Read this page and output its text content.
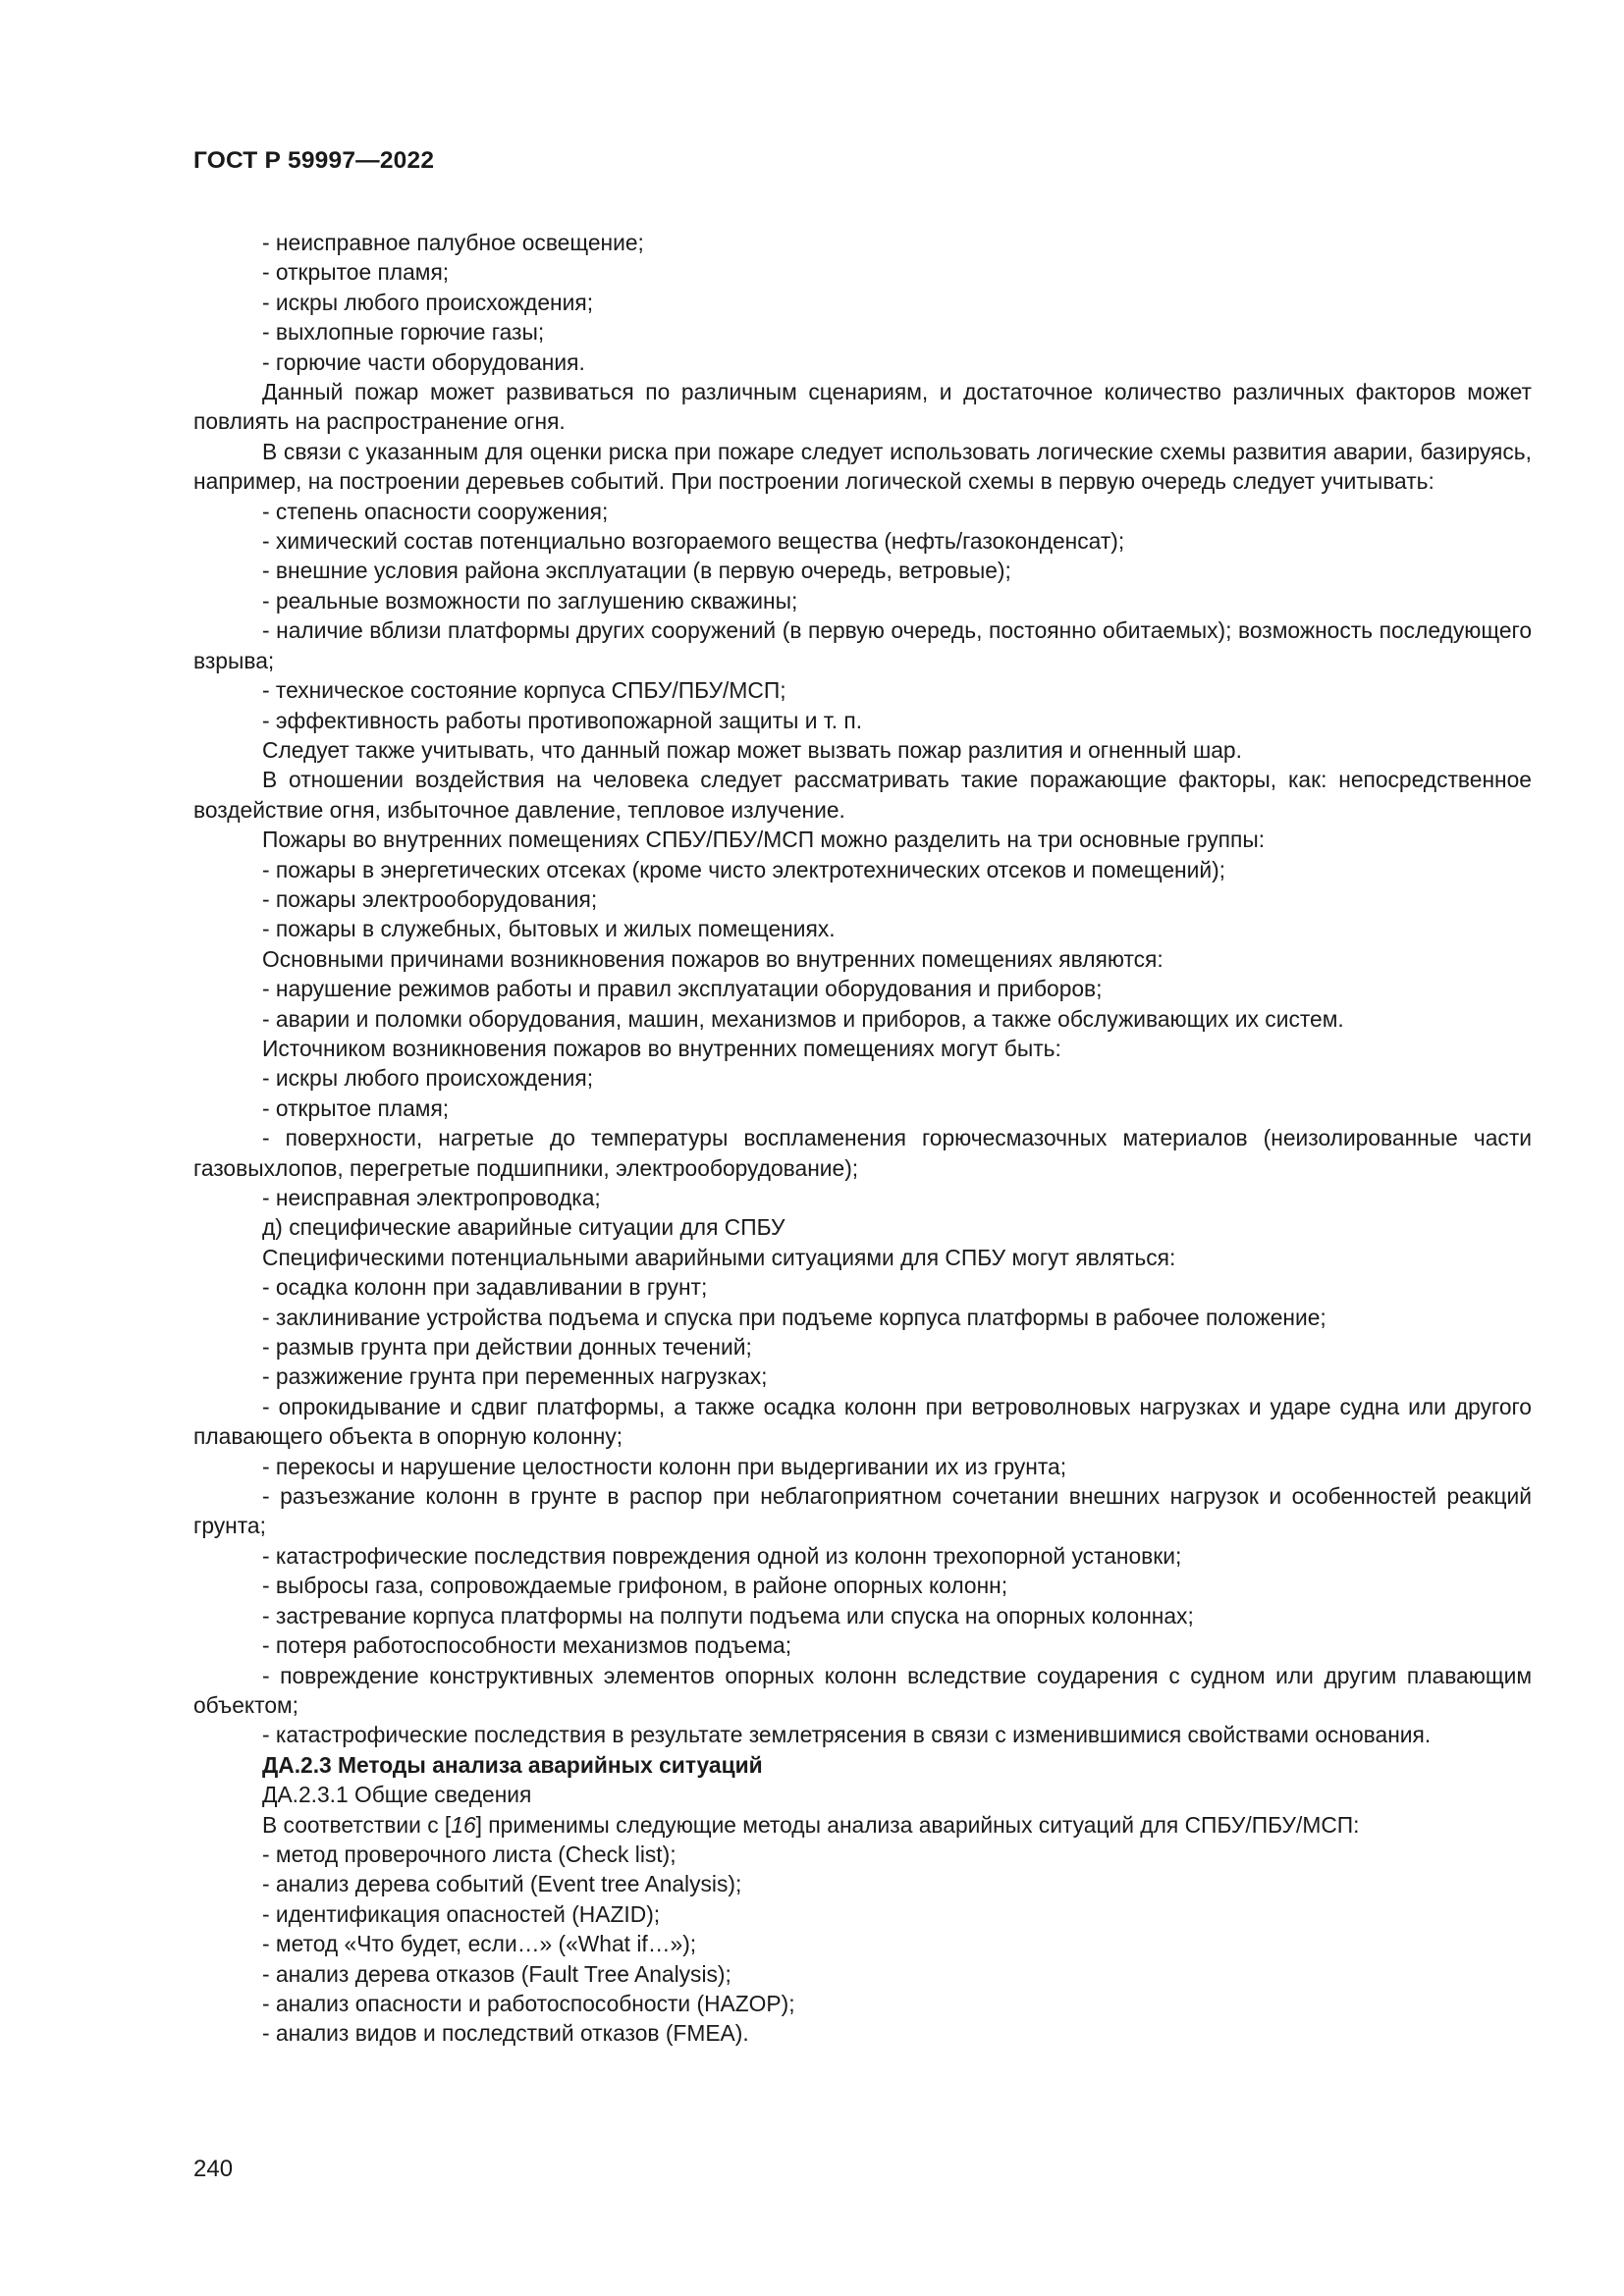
ГОСТ Р 59997—2022

- неисправное палубное освещение;

- открытое пламя;

- искры любого происхождения;

- выхлопные горючие газы;

- горючие части оборудования.

Данный пожар может развиваться по различным сценариям, и достаточное количество различных факторов может повлиять на распространение огня.

В связи с указанным для оценки риска при пожаре следует использовать логические схемы развития аварии, базируясь, например, на построении деревьев событий. При построении логической схемы в первую очередь следует учитывать:

- степень опасности сооружения;

- химический состав потенциально возгораемого вещества (нефть/газоконденсат);

- внешние условия района эксплуатации (в первую очередь, ветровые);

- реальные возможности по заглушению скважины;

- наличие вблизи платформы других сооружений (в первую очередь, постоянно обитаемых); возможность последующего взрыва;

- техническое состояние корпуса СПБУ/ПБУ/МСП;

- эффективность работы противопожарной защиты и т. п.

Следует также учитывать, что данный пожар может вызвать пожар разлития и огненный шар.

В отношении воздействия на человека следует рассматривать такие поражающие факторы, как: непосредственное воздействие огня, избыточное давление, тепловое излучение.

Пожары во внутренних помещениях СПБУ/ПБУ/МСП можно разделить на три основные группы:

- пожары в энергетических отсеках (кроме чисто электротехнических отсеков и помещений);

- пожары электрооборудования;

- пожары в служебных, бытовых и жилых помещениях.

Основными причинами возникновения пожаров во внутренних помещениях являются:

- нарушение режимов работы и правил эксплуатации оборудования и приборов;

- аварии и поломки оборудования, машин, механизмов и приборов, а также обслуживающих их систем.

Источником возникновения пожаров во внутренних помещениях могут быть:

- искры любого происхождения;

- открытое пламя;

- поверхности, нагретые до температуры воспламенения горючесмазочных материалов (неизолированные части газовыхлопов, перегретые подшипники, электрооборудование);

- неисправная электропроводка;

д) специфические аварийные ситуации для СПБУ

Специфическими потенциальными аварийными ситуациями для СПБУ могут являться:

- осадка колонн при задавливании в грунт;

- заклинивание устройства подъема и спуска при подъеме корпуса платформы в рабочее положение;

- размыв грунта при действии донных течений;

- разжижение грунта при переменных нагрузках;

- опрокидывание и сдвиг платформы, а также осадка колонн при ветроволновых нагрузках и ударе судна или другого плавающего объекта в опорную колонну;

- перекосы и нарушение целостности колонн при выдергивании их из грунта;

- разъезжание колонн в грунте в распор при неблагоприятном сочетании внешних нагрузок и особенностей реакций грунта;

- катастрофические последствия повреждения одной из колонн трехопорной установки;

- выбросы газа, сопровождаемые грифоном, в районе опорных колонн;

- застревание корпуса платформы на полпути подъема или спуска на опорных колоннах;

- потеря работоспособности механизмов подъема;

- повреждение конструктивных элементов опорных колонн вследствие соударения с судном или другим плавающим объектом;

- катастрофические последствия в результате землетрясения в связи с изменившимися свойствами основания.

ДА.2.3 Методы анализа аварийных ситуаций

ДА.2.3.1 Общие сведения

В соответствии с [16] применимы следующие методы анализа аварийных ситуаций для СПБУ/ПБУ/МСП:

- метод проверочного листа (Check list);

- анализ дерева событий (Event tree Analysis);

- идентификация опасностей (HAZID);

- метод «Что будет, если…» («What if…»);

- анализ дерева отказов (Fault Tree Analysis);

- анализ опасности и работоспособности (HAZOP);

- анализ видов и последствий отказов (FMEA).

240
